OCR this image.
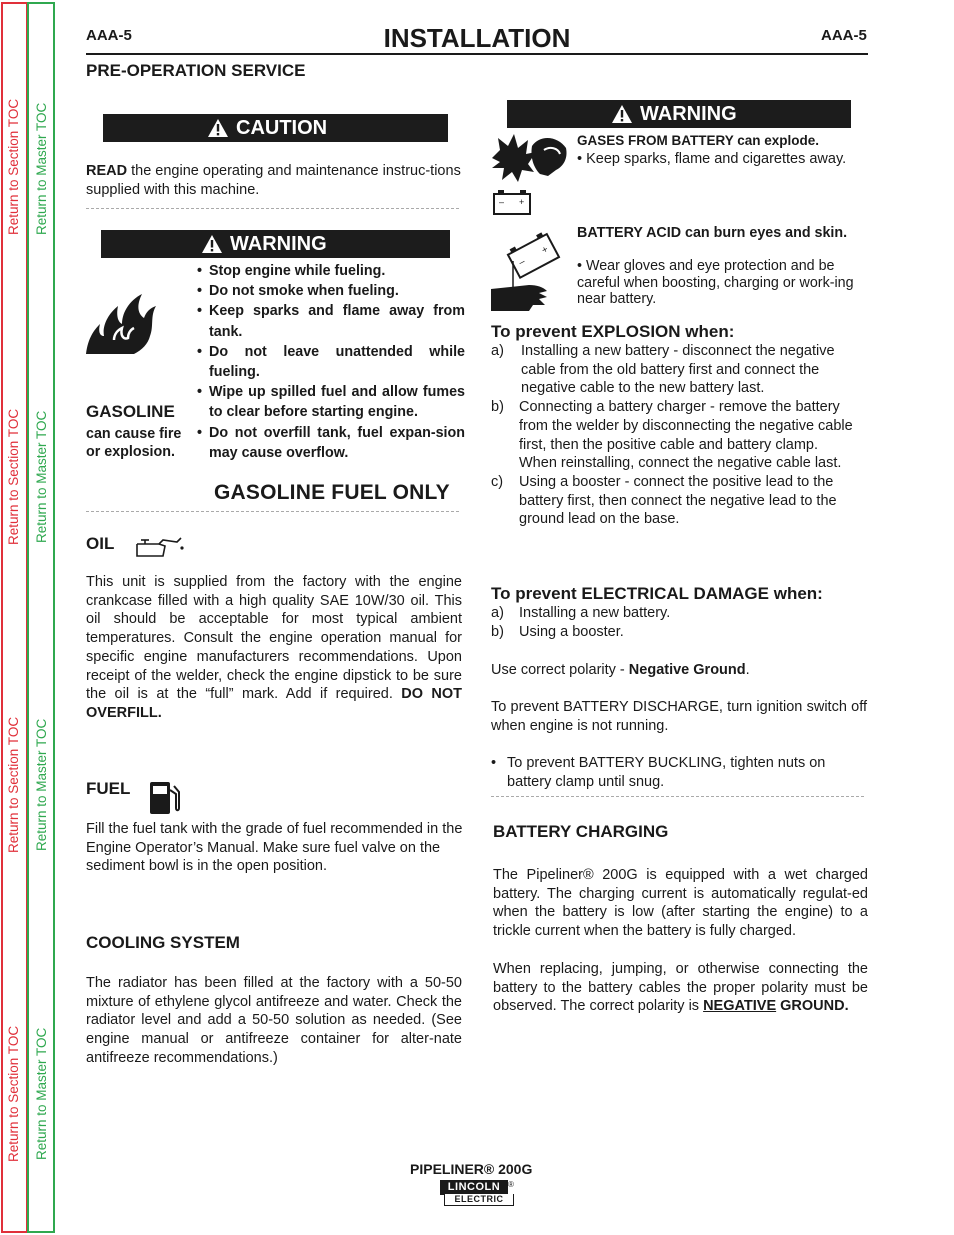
Return to Section TOC Return to Master TOC
Return to Section TOC Return to Master TOC
Return to Section TOC Return to Master TOC
Return to Section TOC Return to Master TOC
AAA-5	AAA-5
INSTALLATION
PRE-OPERATION SERVICE
CAUTION
READ the engine operating and maintenance instruc-tions supplied with this machine.
WARNING
GASOLINE
can cause fire or explosion.
• Stop engine while fueling.
• Do not smoke when fueling.
• Keep sparks and flame away from tank.
• Do not leave unattended while fueling.
• Wipe up spilled fuel and allow fumes to clear before starting engine.
• Do not overfill tank, fuel expan-sion may cause overflow.
GASOLINE FUEL ONLY
OIL
This unit is supplied from the factory with the engine crankcase filled with a high quality SAE 10W/30 oil. This oil should be acceptable for most typical ambient temperatures. Consult the engine operation manual for specific engine manufacturers recommendations. Upon receipt of the welder, check the engine dipstick to be sure the oil is at the “full” mark. Add if required. DO NOT OVERFILL.
FUEL
Fill the fuel tank with the grade of fuel recommended in the Engine Operator’s Manual. Make sure fuel valve on the sediment bowl is in the open position.
COOLING SYSTEM
The radiator has been filled at the factory with a 50-50 mixture of ethylene glycol antifreeze and water. Check the radiator level and add a 50-50 solution as needed. (See engine manual or antifreeze container for alter-nate antifreeze recommendations.)
WARNING
– +
GASES FROM BATTERY can explode.
• Keep sparks, flame and cigarettes away.
–
+
BATTERY ACID can burn eyes and skin.
• Wear gloves and eye protection and be careful when boosting, charging or work-ing near battery.
To prevent EXPLOSION when:
a) Installing a new battery - disconnect the negative cable from the old battery first and connect the negative cable to the new battery last.
b) Connecting a battery charger - remove the battery from the welder by disconnecting the negative cable first, then the positive cable and battery clamp. When reinstalling, connect the negative cable last.
c) Using a booster - connect the positive lead to the battery first, then connect the negative lead to the ground lead on the base.
To prevent ELECTRICAL DAMAGE when:
a) Installing a new battery.
b) Using a booster.
Use correct polarity - Negative Ground.
To prevent BATTERY DISCHARGE, turn ignition switch off when engine is not running.
• To prevent BATTERY BUCKLING, tighten nuts on battery clamp until snug.
BATTERY CHARGING
The Pipeliner® 200G is equipped with a wet charged battery. The charging current is automatically regulat-ed when the battery is low (after starting the engine) to a trickle current when the battery is fully charged.
When replacing, jumping, or otherwise connecting the battery to the battery cables the proper polarity must be observed. The correct polarity is NEGATIVE GROUND.
PIPELINER® 200G
LINCOLN ®
ELECTRIC
